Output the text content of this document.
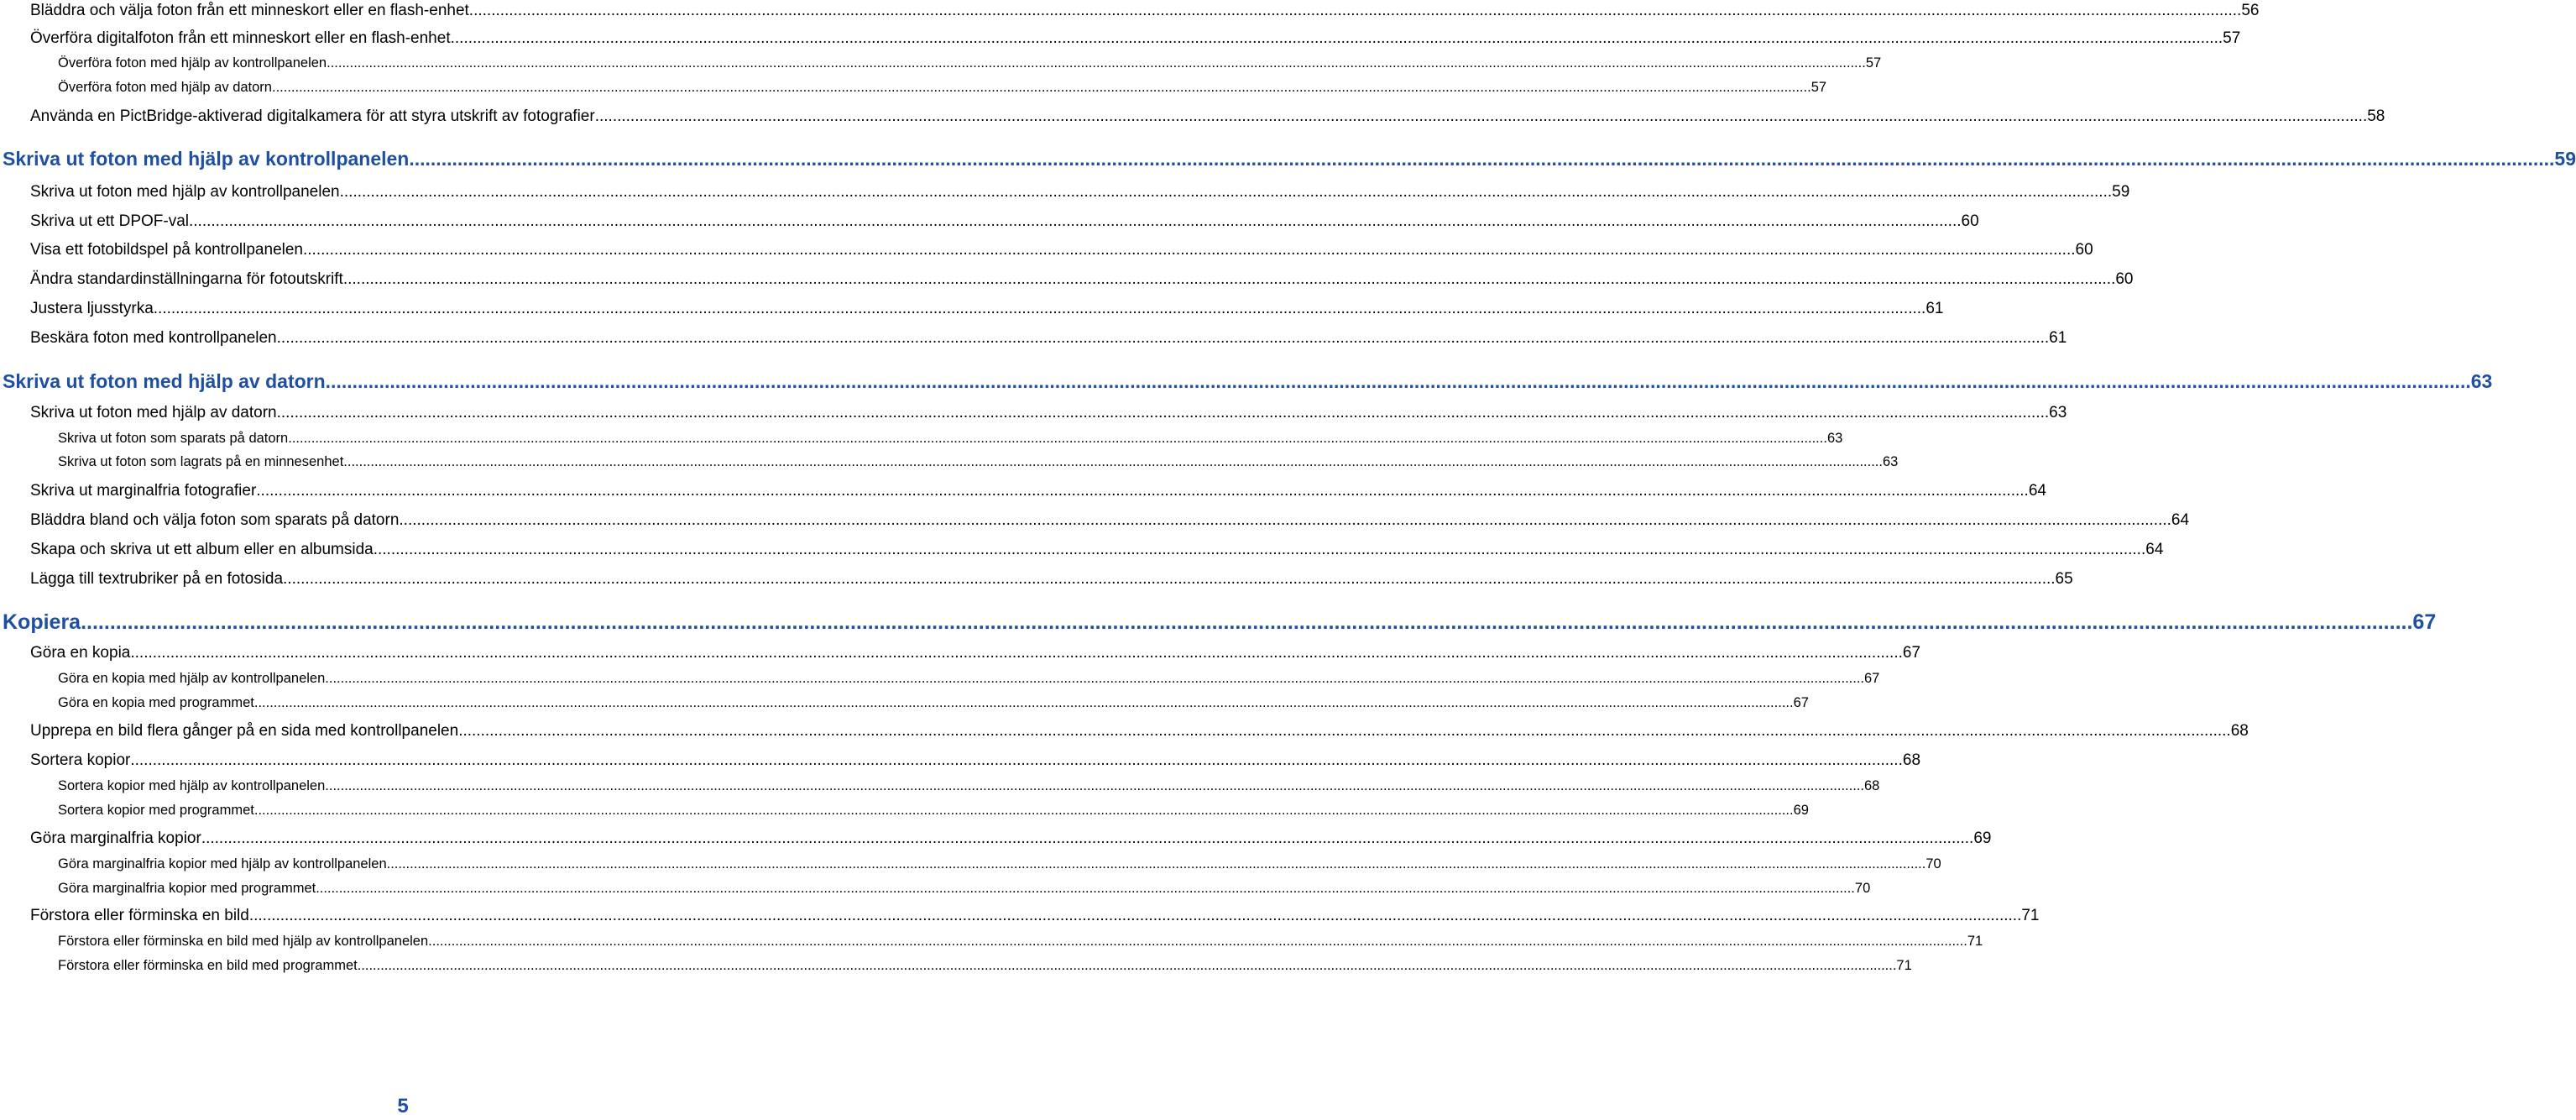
Bläddra och välja foton från ett minneskort eller en flash-enhet ................................................................................................................................................................................................................................................................................................................................................................................................................ 56
Överföra digitalfoton från ett minneskort eller en flash-enhet ................................................................................................................................................................................................................................................................................................................................................................................................................ 57
Överföra foton med hjälp av kontrollpanelen ................................................................................................................................................................................................................................................................................................................................................................................................................ 57
Överföra foton med hjälp av datorn ................................................................................................................................................................................................................................................................................................................................................................................................................ 57
Använda en PictBridge-aktiverad digitalkamera för att styra utskrift av fotografier ................................................................................................................................................................................................................................................................................................................................................................................................................ 58
Skriva ut foton med hjälp av kontrollpanelen ................................................................................................................................................................................................................................................................................................................................................................................................................ 59
Skriva ut foton med hjälp av kontrollpanelen ................................................................................................................................................................................................................................................................................................................................................................................................................ 59
Skriva ut ett DPOF-val ................................................................................................................................................................................................................................................................................................................................................................................................................ 60
Visa ett fotobildspel på kontrollpanelen ................................................................................................................................................................................................................................................................................................................................................................................................................ 60
Ändra standardinställningarna för fotoutskrift ................................................................................................................................................................................................................................................................................................................................................................................................................ 60
Justera ljusstyrka ................................................................................................................................................................................................................................................................................................................................................................................................................ 61
Beskära foton med kontrollpanelen ................................................................................................................................................................................................................................................................................................................................................................................................................ 61
Skriva ut foton med hjälp av datorn ................................................................................................................................................................................................................................................................................................................................................................................................................ 63
Skriva ut foton med hjälp av datorn ................................................................................................................................................................................................................................................................................................................................................................................................................ 63
Skriva ut foton som sparats på datorn ................................................................................................................................................................................................................................................................................................................................................................................................................ 63
Skriva ut foton som lagrats på en minnesenhet ................................................................................................................................................................................................................................................................................................................................................................................................................ 63
Skriva ut marginalfria fotografier ................................................................................................................................................................................................................................................................................................................................................................................................................ 64
Bläddra bland och välja foton som sparats på datorn ................................................................................................................................................................................................................................................................................................................................................................................................................ 64
Skapa och skriva ut ett album eller en albumsida ................................................................................................................................................................................................................................................................................................................................................................................................................ 64
Lägga till textrubriker på en fotosida ................................................................................................................................................................................................................................................................................................................................................................................................................ 65
Kopiera ................................................................................................................................................................................................................................................................................................................................................................................................................ 67
Göra en kopia ................................................................................................................................................................................................................................................................................................................................................................................................................ 67
Göra en kopia med hjälp av kontrollpanelen ................................................................................................................................................................................................................................................................................................................................................................................................................ 67
Göra en kopia med programmet ................................................................................................................................................................................................................................................................................................................................................................................................................ 67
Upprepa en bild flera gånger på en sida med kontrollpanelen ................................................................................................................................................................................................................................................................................................................................................................................................................ 68
Sortera kopior ................................................................................................................................................................................................................................................................................................................................................................................................................ 68
Sortera kopior med hjälp av kontrollpanelen ................................................................................................................................................................................................................................................................................................................................................................................................................ 68
Sortera kopior med programmet ................................................................................................................................................................................................................................................................................................................................................................................................................ 69
Göra marginalfria kopior ................................................................................................................................................................................................................................................................................................................................................................................................................ 69
Göra marginalfria kopior med hjälp av kontrollpanelen ................................................................................................................................................................................................................................................................................................................................................................................................................ 70
Göra marginalfria kopior med programmet ................................................................................................................................................................................................................................................................................................................................................................................................................ 70
Förstora eller förminska en bild ................................................................................................................................................................................................................................................................................................................................................................................................................ 71
Förstora eller förminska en bild med hjälp av kontrollpanelen ................................................................................................................................................................................................................................................................................................................................................................................................................ 71
Förstora eller förminska en bild med programmet ................................................................................................................................................................................................................................................................................................................................................................................................................ 71
5
